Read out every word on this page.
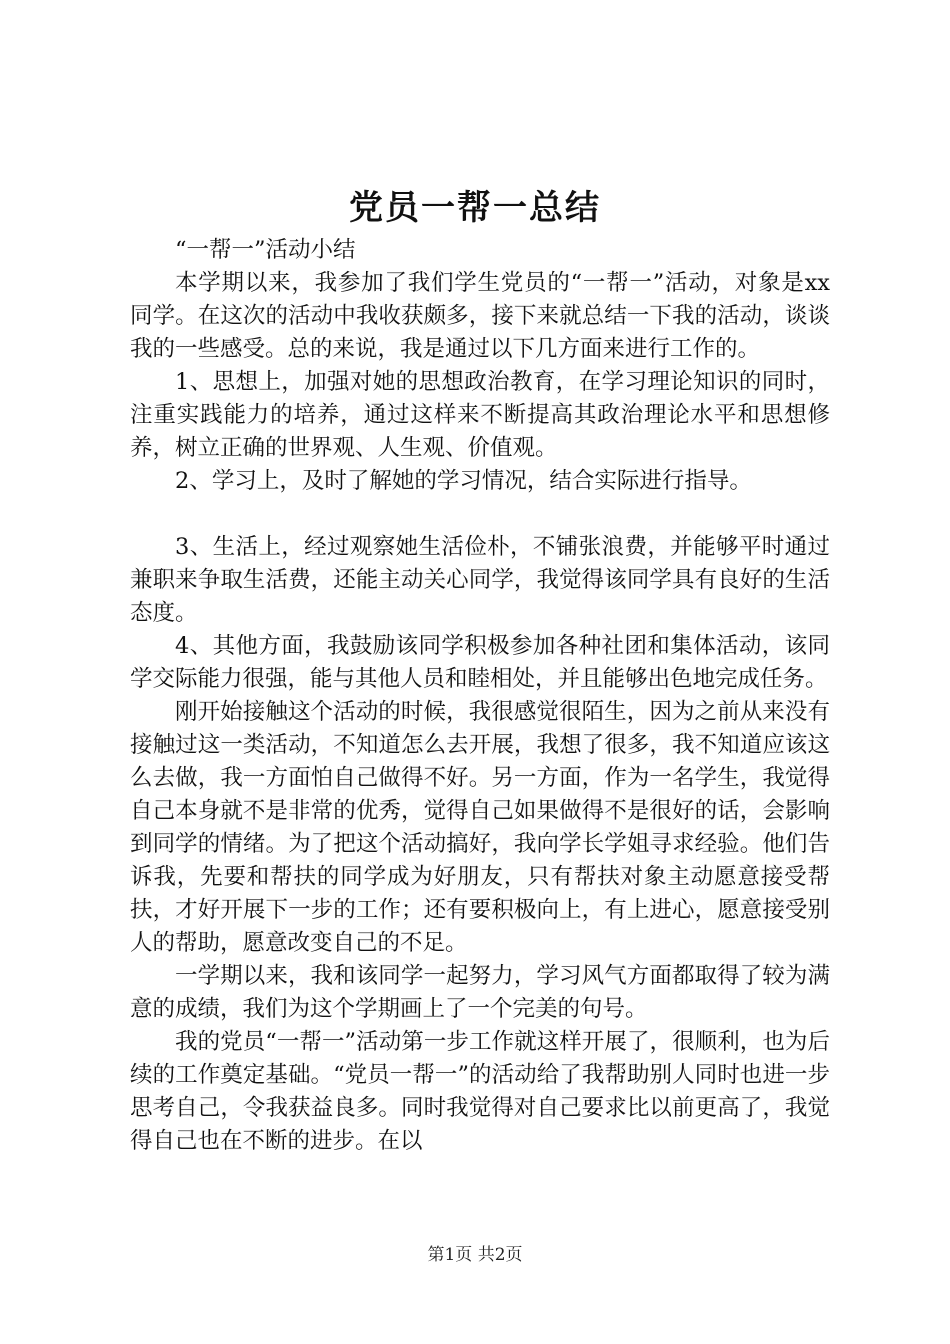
党员一帮一总结

“一帮一”活动小结

本学期以来，我参加了我们学生党员的“一帮一”活动，对象是xx同学。在这次的活动中我收获颇多，接下来就总结一下我的活动，谈谈我的一些感受。总的来说，我是通过以下几方面来进行工作的。

1、思想上，加强对她的思想政治教育，在学习理论知识的同时，注重实践能力的培养，通过这样来不断提高其政治理论水平和思想修养，树立正确的世界观、人生观、价值观。

2、学习上，及时了解她的学习情况，结合实际进行指导。

3、生活上，经过观察她生活俭朴，不铺张浪费，并能够平时通过兼职来争取生活费，还能主动关心同学，我觉得该同学具有良好的生活态度。

4、其他方面，我鼓励该同学积极参加各种社团和集体活动，该同学交际能力很强，能与其他人员和睦相处，并且能够出色地完成任务。

刚开始接触这个活动的时候，我很感觉很陌生，因为之前从来没有接触过这一类活动，不知道怎么去开展，我想了很多，我不知道应该这么去做，我一方面怕自己做得不好。另一方面，作为一名学生，我觉得自己本身就不是非常的优秀，觉得自己如果做得不是很好的话，会影响到同学的情绪。为了把这个活动搞好，我向学长学姐寻求经验。他们告诉我，先要和帮扶的同学成为好朋友，只有帮扶对象主动愿意接受帮扶，才好开展下一步的工作；还有要积极向上，有上进心，愿意接受别人的帮助，愿意改变自己的不足。

一学期以来，我和该同学一起努力，学习风气方面都取得了较为满意的成绩，我们为这个学期画上了一个完美的句号。

我的党员“一帮一”活动第一步工作就这样开展了，很顺利，也为后续的工作奠定基础。“党员一帮一”的活动给了我帮助别人同时也进一步思考自己，令我获益良多。同时我觉得对自己要求比以前更高了，我觉得自己也在不断的进步。在以

第1页 共2页
